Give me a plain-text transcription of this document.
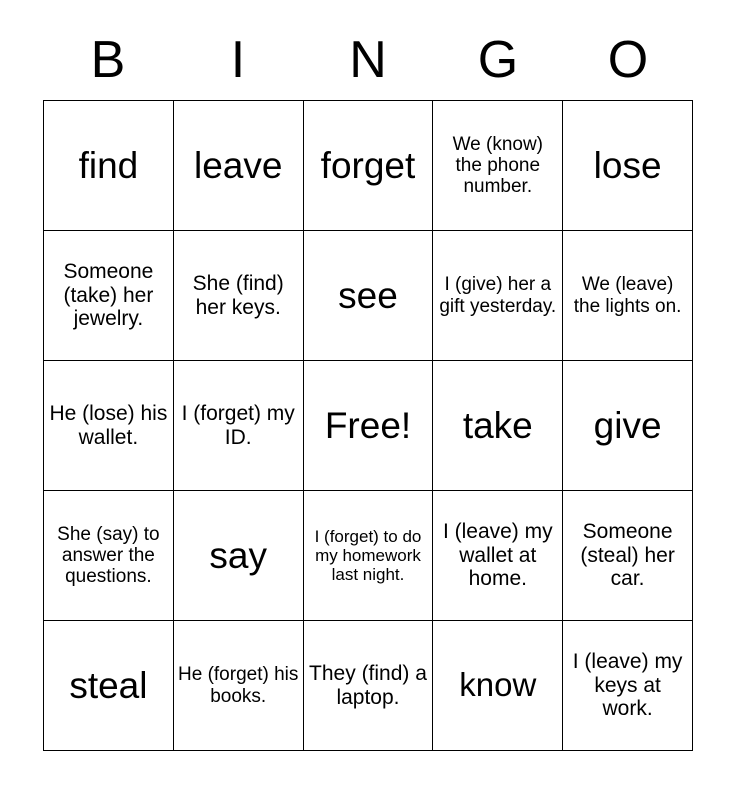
B	I	N	G	O
find	leave	forget	We (know) the phone number.	lose

Someone (take) her jewelry.	She (find) her keys.	see	I (give) her a gift yesterday.	We (leave) the lights on.

He (lose) his wallet.	I (forget) my ID.	Free!	take	give

She (say) to answer the questions.	say	I (forget) to do my homework last night.	I (leave) my wallet at home.	Someone (steal) her car.

steal	He (forget) his books.	They (find) a laptop.	know	I (leave) my keys at work.
